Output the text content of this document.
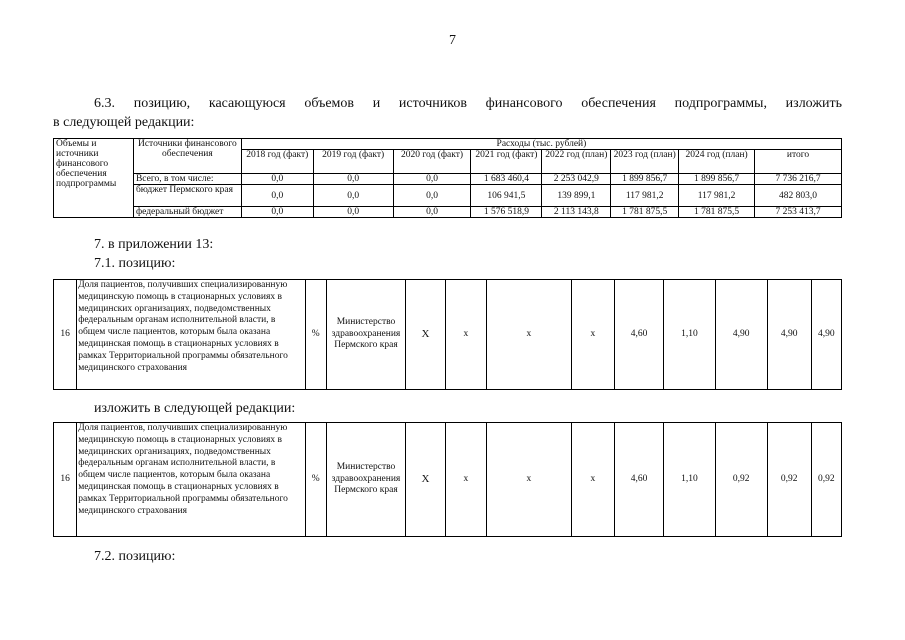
7
6.3. позицию, касающуюся объемов и источников финансового обеспечения подпрограммы, изложить
в следующей редакции:
Объемы и источники финансового обеспечения подпрограммы	Источники финансового обеспечения	Расходы (тыс. рублей)							
		2018 год (факт)	2019 год (факт)	2020 год (факт)	2021 год (факт)	2022 год (план)	2023 год (план)	2024 год (план)	итого
	Всего, в том числе:	0,0	0,0	0,0	1 683 460,4	2 253 042,9	1 899 856,7	1 899 856,7	7 736 216,7
	бюджет Пермского края	0,0	0,0	0,0	106 941,5	139 899,1	117 981,2	117 981,2	482 803,0
	федеральный бюджет	0,0	0,0	0,0	1 576 518,9	2 113 143,8	1 781 875,5	1 781 875,5	7 253 413,7
7. в приложении 13:
7.1. позицию:
16	Доля пациентов, получивших специализированную медицинскую помощь в стационарных условиях в медицинских организациях, подведомственных федеральным органам исполнительной власти, в общем числе пациентов, которым была оказана медицинская помощь в стационарных условиях в рамках Территориальной программы обязательного медицинского страхования	%	Министерство здравоохранения Пермского края	X	x	x	x	4,60	1,10	4,90	4,90	4,90
изложить в следующей редакции:
16	Доля пациентов, получивших специализированную медицинскую помощь в стационарных условиях в медицинских организациях, подведомственных федеральным органам исполнительной власти, в общем числе пациентов, которым была оказана медицинская помощь в стационарных условиях в рамках Территориальной программы обязательного медицинского страхования	%	Министерство здравоохранения Пермского края	X	x	x	x	4,60	1,10	0,92	0,92	0,92
7.2. позицию:
